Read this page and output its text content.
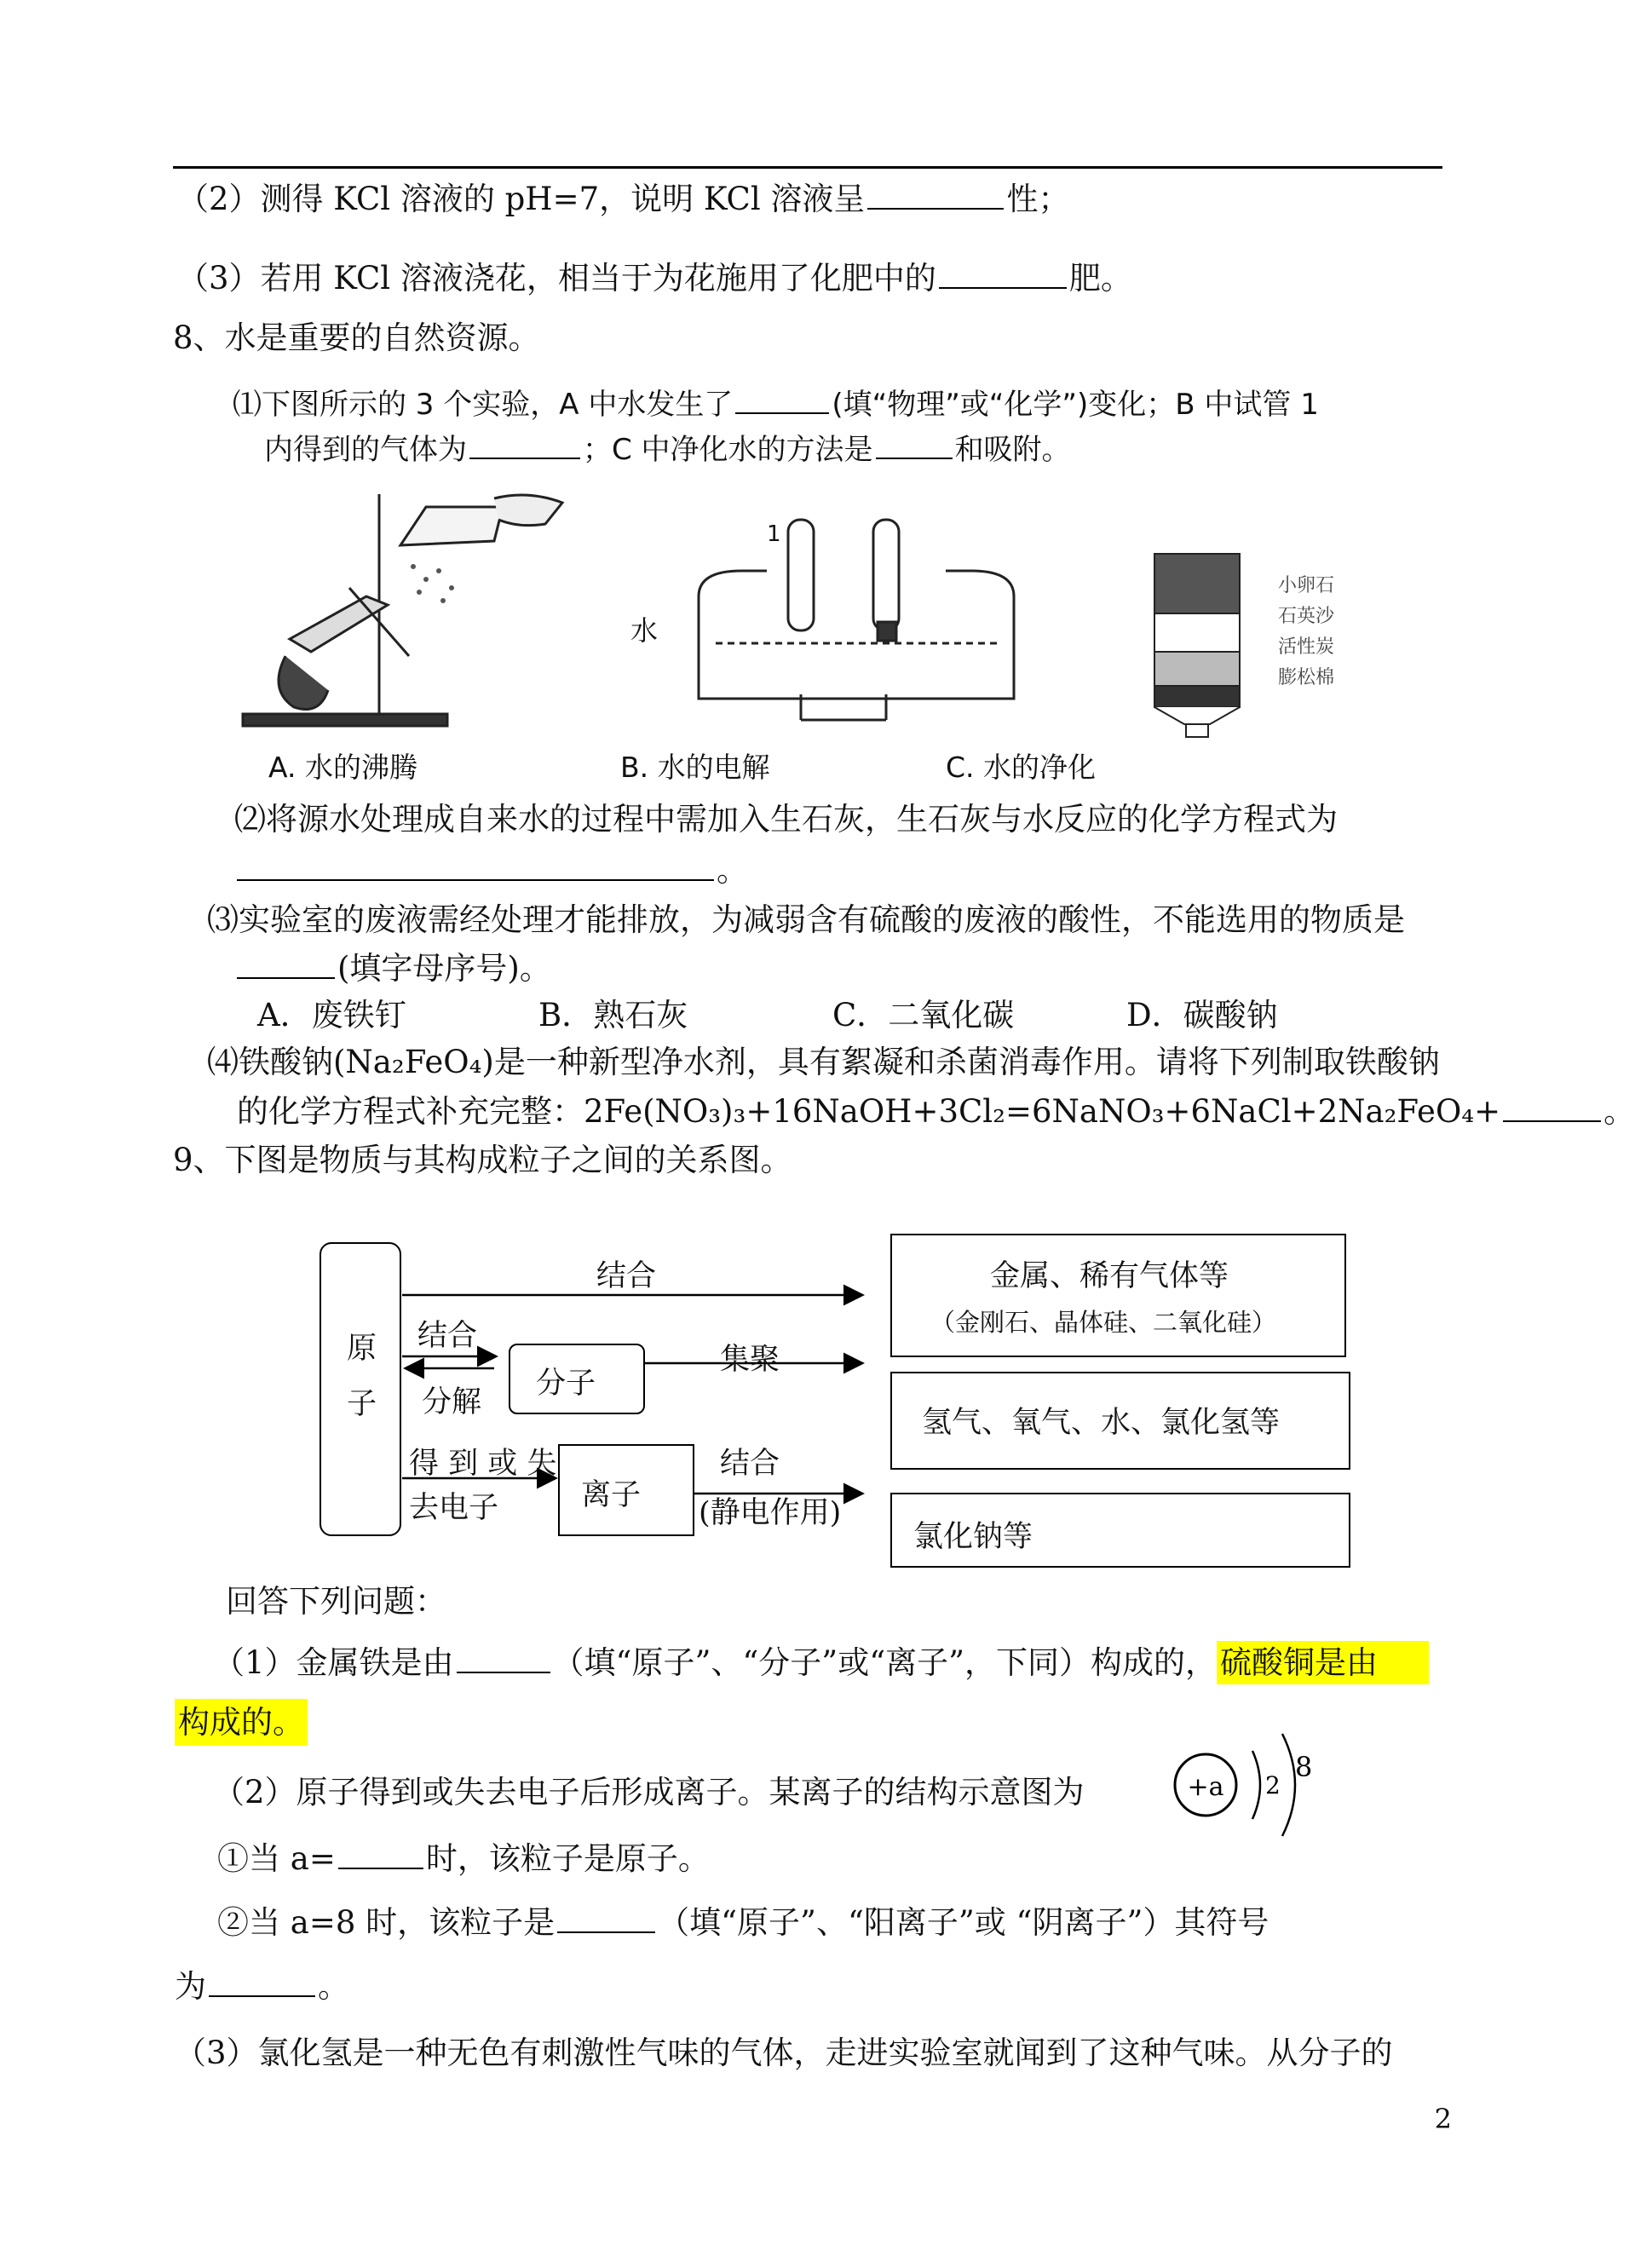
（2）测得 KCl 溶液的 pH=7，说明 KCl 溶液呈	性；
（3）若用 KCl 溶液浇花，相当于为花施用了化肥中的	肥。
8、水是重要的自然资源。
⑴下图所示的 3 个实验，A 中水发生了	(填“物理”或“化学”)变化；B 中试管 1
内得到的气体为	；C 中净化水的方法是	和吸附。
A. 水的沸腾
水
1
B. 水的电解
小卵石
石英沙
活性炭
膨松棉
C. 水的净化
⑵将源水处理成自来水的过程中需加入生石灰，生石灰与水反应的化学方程式为
。
⑶实验室的废液需经处理才能排放，为减弱含有硫酸的废液的酸性，不能选用的物质是
(填字母序号)。
A．废铁钉	B．熟石灰	C．二氧化碳	D．碳酸钠
⑷铁酸钠(Na₂FeO₄)是一种新型净水剂，具有絮凝和杀菌消毒作用。请将下列制取铁酸钠
的化学方程式补充完整：2Fe(NO₃)₃+16NaOH+3Cl₂=6NaNO₃+6NaCl+2Na₂FeO₄+	。
9、下图是物质与其构成粒子之间的关系图。
原
子
结合
结合
分解
集聚
得 到 或 失
去电子
结合
(静电作用)
分子
离子
金属、稀有气体等
（金刚石、晶体硅、二氧化硅）
氢气、氧气、水、氯化氢等
氯化钠等
回答下列问题：
（1）金属铁是由	（填“原子”、“分子”或“离子”，下同）构成的， 硫酸铜是由
构成的。
（2）原子得到或失去电子后形成离子。某离子的结构示意图为	+a 2
8
①当 a=	时，该粒子是原子。
②当 a=8 时，该粒子是	（填“原子”、“阳离子”或 “阴离子”）其符号
为	。
（3）氯化氢是一种无色有刺激性气味的气体，走进实验室就闻到了这种气味。从分子的
2
